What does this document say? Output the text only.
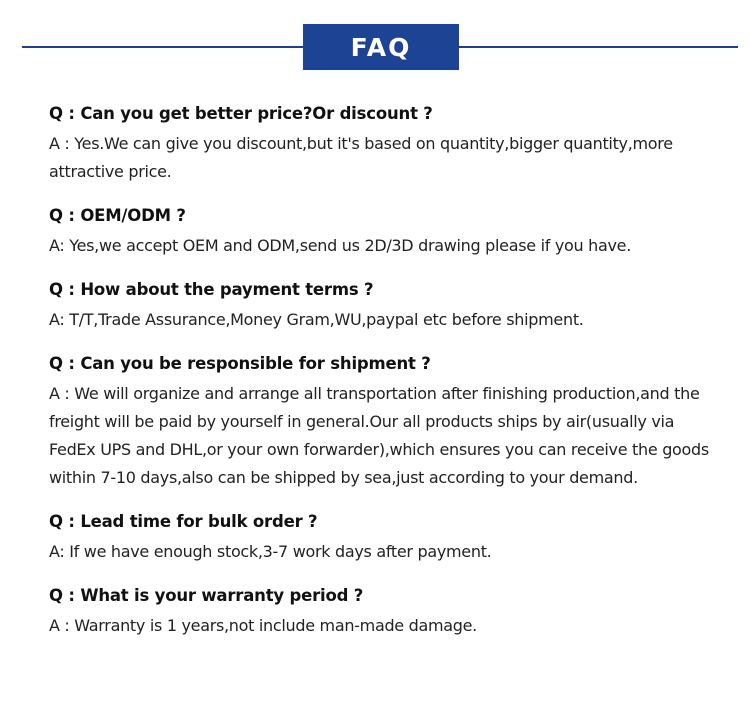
FAQ
Q : Can you get better price?Or discount ?
A : Yes.We can give you discount,but it's based on quantity,bigger quantity,more attractive price.
Q : OEM/ODM ?
A: Yes,we accept OEM and ODM,send us 2D/3D drawing please if you have.
Q : How about the payment terms ?
A: T/T,Trade Assurance,Money Gram,WU,paypal etc before shipment.
Q : Can you be responsible for shipment ?
A : We will organize and arrange all transportation after finishing production,and the freight will be paid by yourself in general.Our all products ships by air(usually via FedEx UPS and DHL,or your own forwarder),which ensures you can receive the goods within 7-10 days,also can be shipped by sea,just according to your demand.
Q : Lead time for bulk order ?
A: If we have enough stock,3-7 work days after payment.
Q : What is your warranty period ?
A : Warranty is 1 years,not include man-made damage.
